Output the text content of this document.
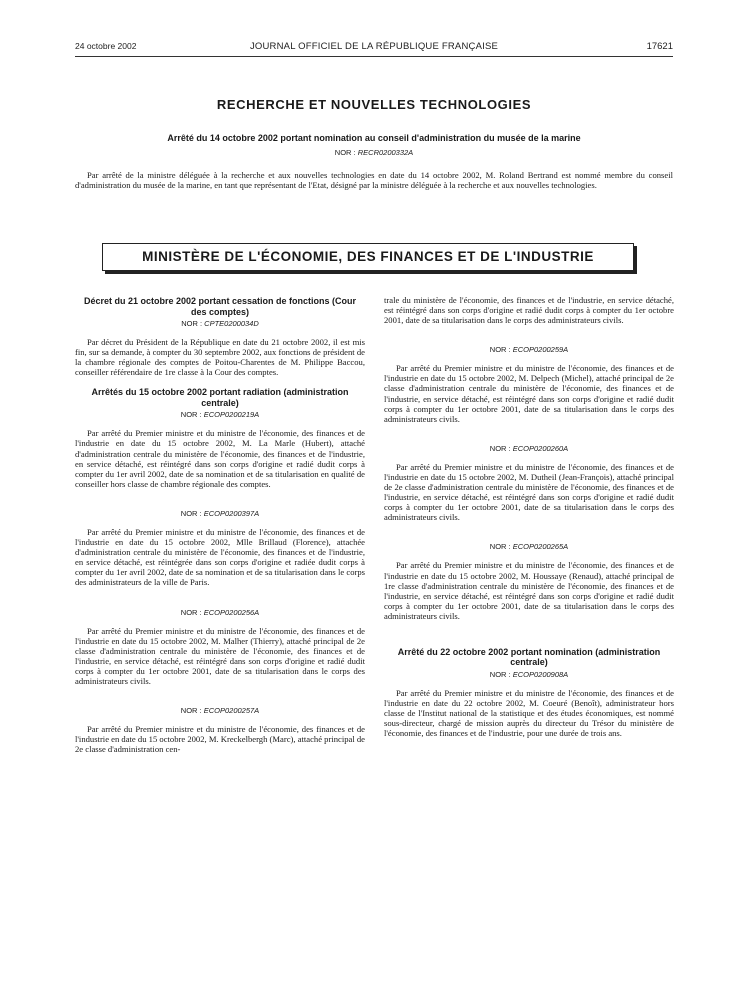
24 octobre 2002	JOURNAL OFFICIEL DE LA RÉPUBLIQUE FRANÇAISE	17621
RECHERCHE ET NOUVELLES TECHNOLOGIES
Arrêté du 14 octobre 2002 portant nomination au conseil d'administration du musée de la marine
NOR : RECR0200332A

Par arrêté de la ministre déléguée à la recherche et aux nouvelles technologies en date du 14 octobre 2002, M. Roland Bertrand est nommé membre du conseil d'administration du musée de la marine, en tant que représentant de l'Etat, désigné par la ministre déléguée à la recherche et aux nouvelles technologies.

MINISTÈRE DE L'ÉCONOMIE, DES FINANCES ET DE L'INDUSTRIE
Décret du 21 octobre 2002 portant cessation de fonctions (Cour des comptes)
NOR : CPTE0200034D

Par décret du Président de la République en date du 21 octobre 2002, il est mis fin, sur sa demande, à compter du 30 septembre 2002, aux fonctions de président de la chambre régionale des comptes de Poitou-Charentes de M. Philippe Baccou, conseiller référendaire de 1re classe à la Cour des comptes.

Arrêtés du 15 octobre 2002 portant radiation (administration centrale)
NOR : ECOP0200219A

Par arrêté du Premier ministre et du ministre de l'économie, des finances et de l'industrie en date du 15 octobre 2002, M. La Marle (Hubert), attaché d'administration centrale du ministère de l'économie, des finances et de l'industrie, en service détaché, est réintégré dans son corps d'origine et radié dudit corps à compter du 1er avril 2002, date de sa nomination et de sa titularisation en qualité de conseiller hors classe de chambre régionale des comptes.

NOR : ECOP0200397A

Par arrêté du Premier ministre et du ministre de l'économie, des finances et de l'industrie en date du 15 octobre 2002, Mlle Brillaud (Florence), attachée d'administration centrale du ministère de l'économie, des finances et de l'industrie, en service détaché, est réintégrée dans son corps d'origine et radiée dudit corps à compter du 1er avril 2002, date de sa nomination et de sa titularisation dans le corps des administrateurs de la ville de Paris.

NOR : ECOP0200256A

Par arrêté du Premier ministre et du ministre de l'économie, des finances et de l'industrie en date du 15 octobre 2002, M. Malher (Thierry), attaché principal de 2e classe d'administration centrale du ministère de l'économie, des finances et de l'industrie, en service détaché, est réintégré dans son corps d'origine et radié dudit corps à compter du 1er octobre 2001, date de sa titularisation dans le corps des administrateurs civils.

NOR : ECOP0200257A

Par arrêté du Premier ministre et du ministre de l'économie, des finances et de l'industrie en date du 15 octobre 2002, M. Kreckelbergh (Marc), attaché principal de 2e classe d'administration cen-

trale du ministère de l'économie, des finances et de l'industrie, en service détaché, est réintégré dans son corps d'origine et radié dudit corps à compter du 1er octobre 2001, date de sa titularisation dans le corps des administrateurs civils.

NOR : ECOP0200259A

Par arrêté du Premier ministre et du ministre de l'économie, des finances et de l'industrie en date du 15 octobre 2002, M. Delpech (Michel), attaché principal de 2e classe d'administration centrale du ministère de l'économie, des finances et de l'industrie, en service détaché, est réintégré dans son corps d'origine et radié dudit corps à compter du 1er octobre 2001, date de sa titularisation dans le corps des administrateurs civils.

NOR : ECOP0200260A

Par arrêté du Premier ministre et du ministre de l'économie, des finances et de l'industrie en date du 15 octobre 2002, M. Dutheil (Jean-François), attaché principal de 2e classe d'administration centrale du ministère de l'économie, des finances et de l'industrie, en service détaché, est réintégré dans son corps d'origine et radié dudit corps à compter du 1er octobre 2001, date de sa titularisation dans le corps des administrateurs civils.

NOR : ECOP0200265A

Par arrêté du Premier ministre et du ministre de l'économie, des finances et de l'industrie en date du 15 octobre 2002, M. Houssaye (Renaud), attaché principal de 1re classe d'administration centrale du ministère de l'économie, des finances et de l'industrie, en service détaché, est réintégré dans son corps d'origine et radié dudit corps à compter du 1er octobre 2001, date de sa titularisation dans le corps des administrateurs civils.

Arrêté du 22 octobre 2002 portant nomination (administration centrale)
NOR : ECOP0200908A

Par arrêté du Premier ministre et du ministre de l'économie, des finances et de l'industrie en date du 22 octobre 2002, M. Coeuré (Benoît), administrateur hors classe de l'Institut national de la statistique et des études économiques, est nommé sous-directeur, chargé de mission auprès du directeur du Trésor du ministère de l'économie, des finances et de l'industrie, pour une durée de trois ans.
